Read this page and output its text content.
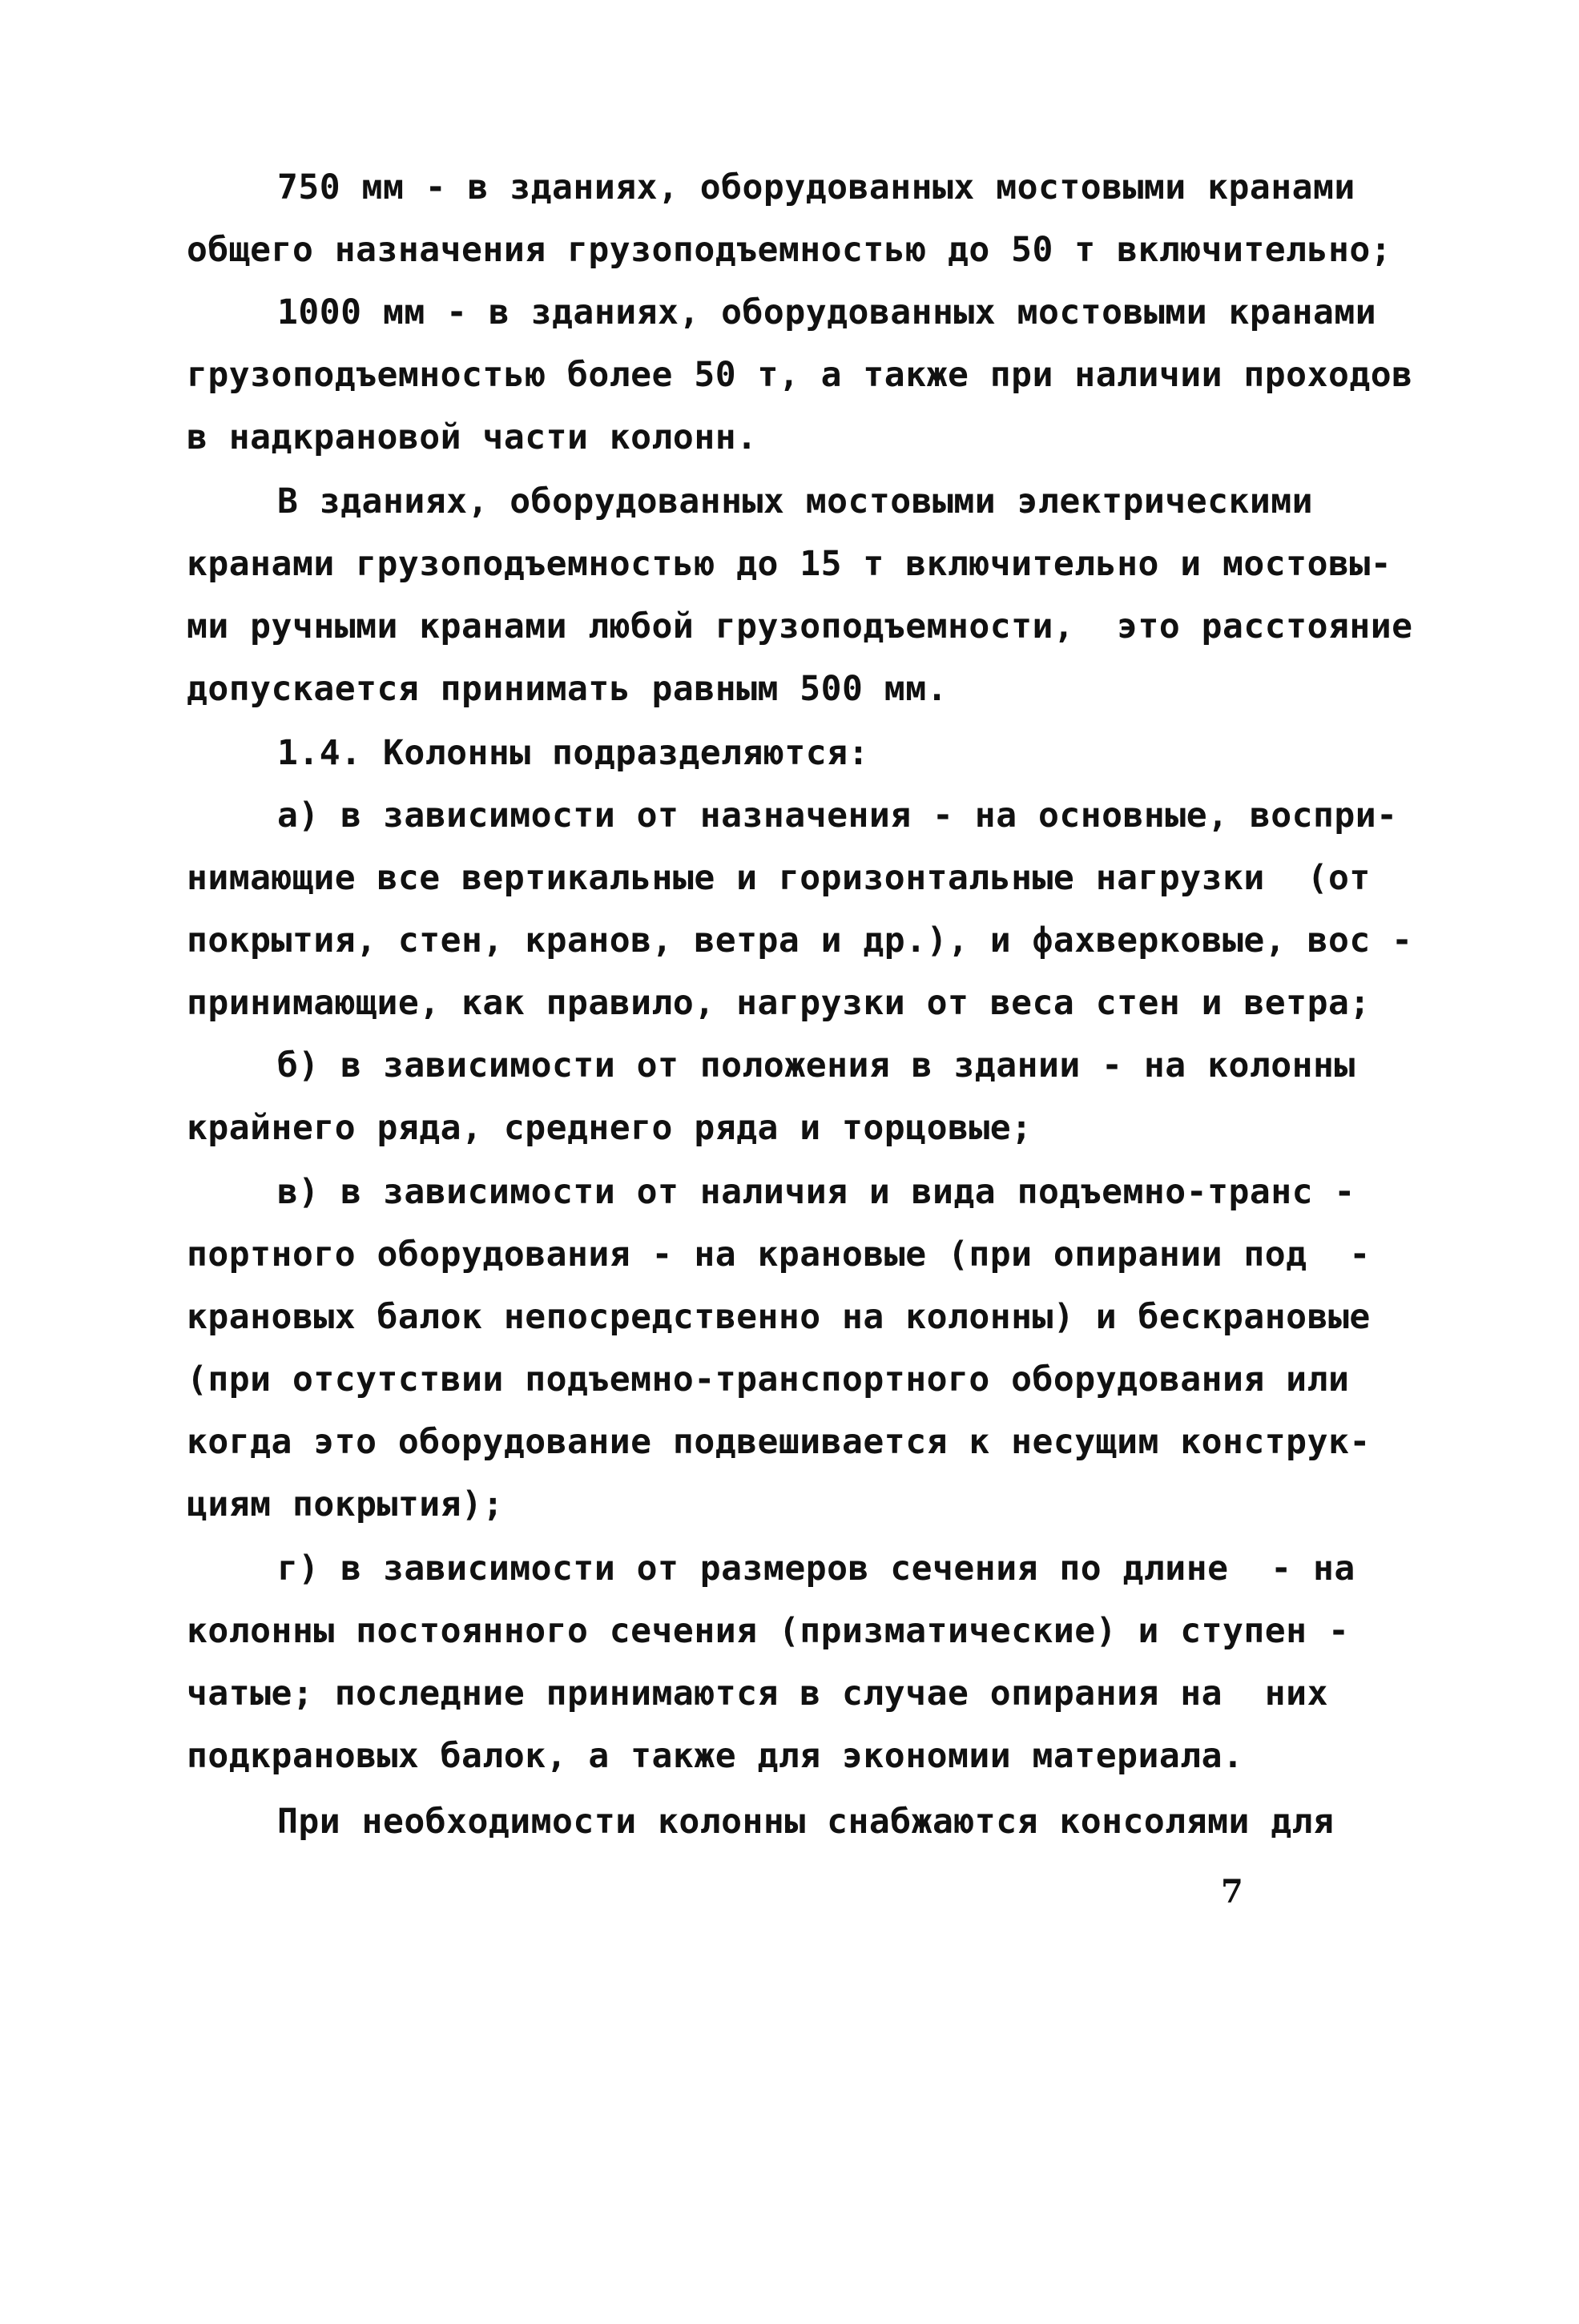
750 мм - в зданиях, оборудованных мостовыми кранами
общего назначения грузоподъемностью до 50 т включительно;
1000 мм - в зданиях, оборудованных мостовыми кранами
грузоподъемностью более 50 т, а также при наличии проходов
в надкрановой части колонн.
В зданиях, оборудованных мостовыми электрическими
кранами грузоподъемностью до 15 т включительно и мостовы-
ми ручными кранами любой грузоподъемности,  это расстояние
допускается принимать равным 500 мм.
1.4. Колонны подразделяются:
а) в зависимости от назначения - на основные, воспри-
нимающие все вертикальные и горизонтальные нагрузки  (от
покрытия, стен, кранов, ветра и др.), и фахверковые, вос -
принимающие, как правило, нагрузки от веса стен и ветра;
б) в зависимости от положения в здании - на колонны
крайнего ряда, среднего ряда и торцовые;
в) в зависимости от наличия и вида подъемно-транс -
портного оборудования - на крановые (при опирании под  -
крановых балок непосредственно на колонны) и бескрановые
(при отсутствии подъемно-транспортного оборудования или
когда это оборудование подвешивается к несущим конструк-
циям покрытия);
г) в зависимости от размеров сечения по длине  - на
колонны постоянного сечения (призматические) и ступен -
чатые; последние принимаются в случае опирания на  них
подкрановых балок, а также для экономии материала.
При необходимости колонны снабжаются консолями для
7
